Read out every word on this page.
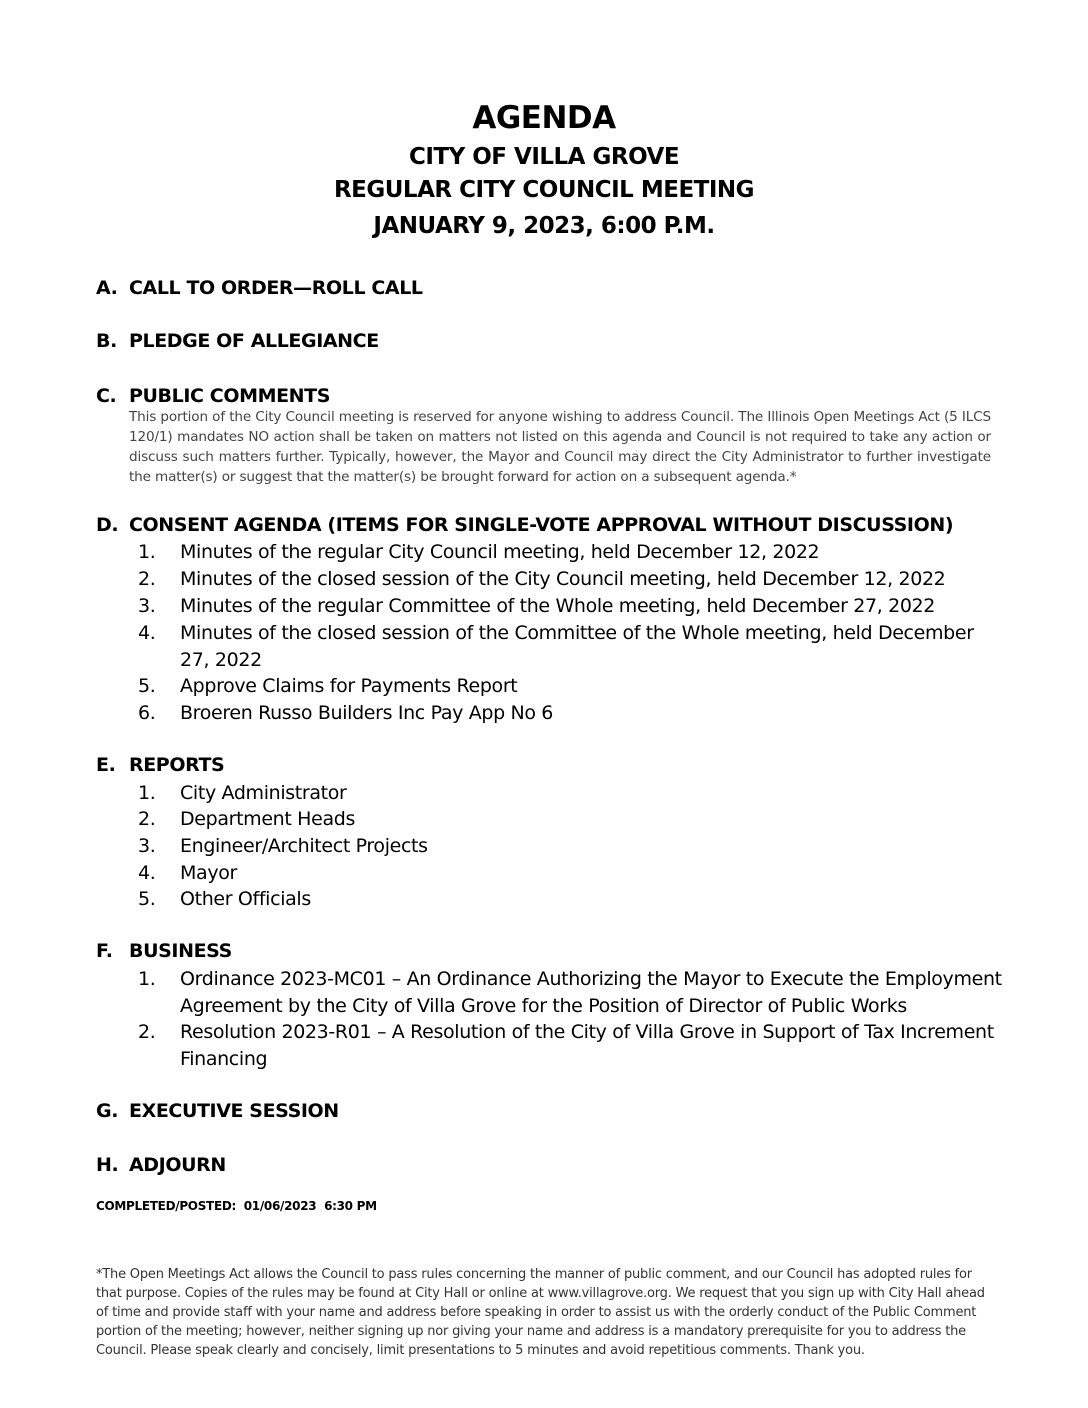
AGENDA
CITY OF VILLA GROVE
REGULAR CITY COUNCIL MEETING
JANUARY 9, 2023, 6:00 P.M.
A. CALL TO ORDER—ROLL CALL
B. PLEDGE OF ALLEGIANCE
C. PUBLIC COMMENTS
This portion of the City Council meeting is reserved for anyone wishing to address Council. The Illinois Open Meetings Act (5 ILCS 120/1) mandates NO action shall be taken on matters not listed on this agenda and Council is not required to take any action or discuss such matters further. Typically, however, the Mayor and Council may direct the City Administrator to further investigate the matter(s) or suggest that the matter(s) be brought forward for action on a subsequent agenda.*
D. CONSENT AGENDA (ITEMS FOR SINGLE-VOTE APPROVAL WITHOUT DISCUSSION)
1.	Minutes of the regular City Council meeting, held December 12, 2022
2.	Minutes of the closed session of the City Council meeting, held December 12, 2022
3.	Minutes of the regular Committee of the Whole meeting, held December 27, 2022
4.	Minutes of the closed session of the Committee of the Whole meeting, held December 27, 2022
5.	Approve Claims for Payments Report
6.	Broeren Russo Builders Inc Pay App No 6
E. REPORTS
1.	City Administrator
2.	Department Heads
3.	Engineer/Architect Projects
4.	Mayor
5.	Other Officials
F. BUSINESS
1.	Ordinance 2023-MC01 – An Ordinance Authorizing the Mayor to Execute the Employment Agreement by the City of Villa Grove for the Position of Director of Public Works
2.	Resolution 2023-R01 – A Resolution of the City of Villa Grove in Support of Tax Increment Financing
G. EXECUTIVE SESSION
H. ADJOURN
COMPLETED/POSTED:  01/06/2023  6:30 PM
*The Open Meetings Act allows the Council to pass rules concerning the manner of public comment, and our Council has adopted rules for that purpose. Copies of the rules may be found at City Hall or online at www.villagrove.org. We request that you sign up with City Hall ahead of time and provide staff with your name and address before speaking in order to assist us with the orderly conduct of the Public Comment portion of the meeting; however, neither signing up nor giving your name and address is a mandatory prerequisite for you to address the Council. Please speak clearly and concisely, limit presentations to 5 minutes and avoid repetitious comments. Thank you.
